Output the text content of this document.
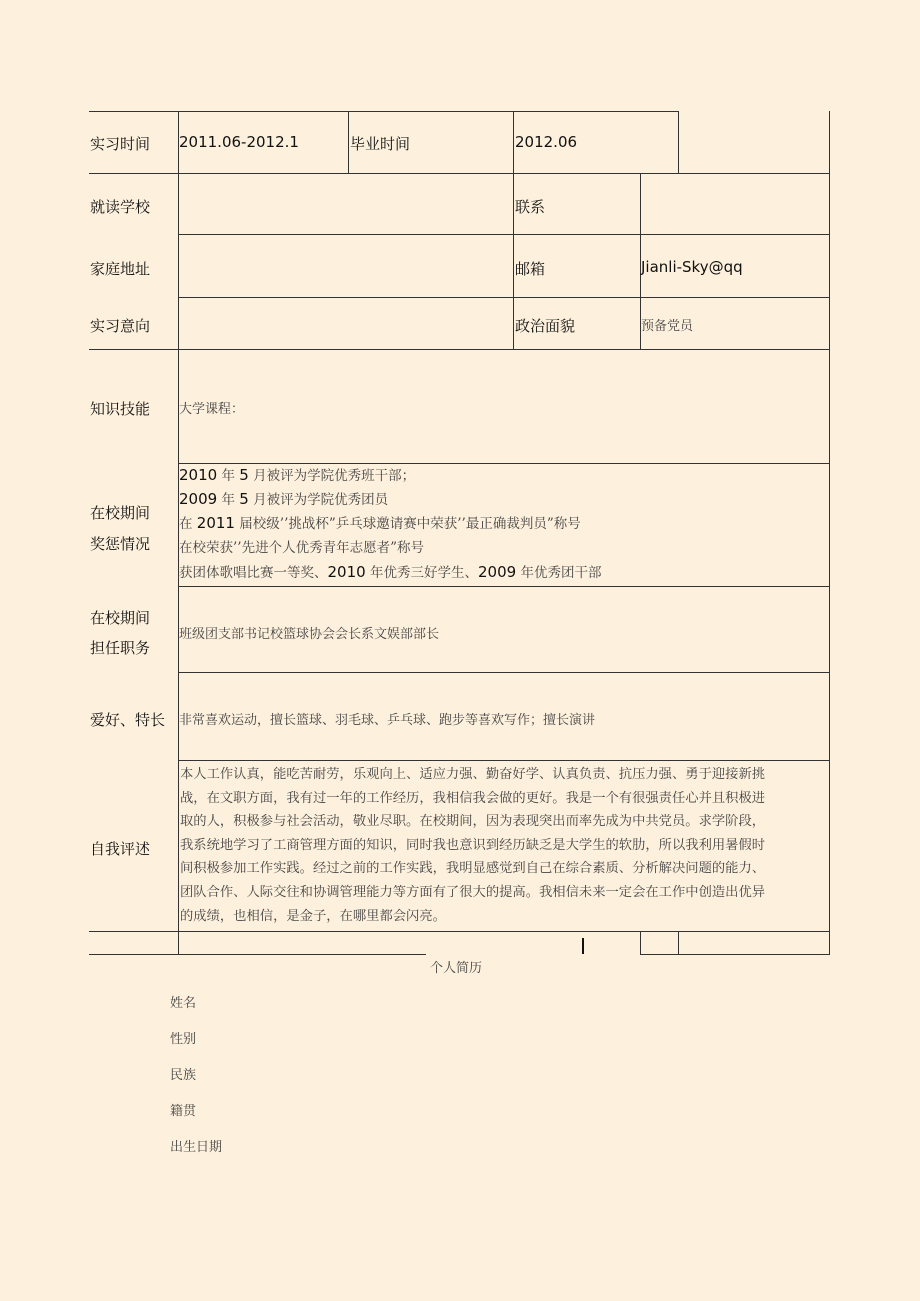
实习时间 2011.06-2012.1	毕业时间	2012.06
就读学校	联系
家庭地址	邮箱	Jianli-Sky@qq
实习意向	政治面貌	预备党员
知识技能 大学课程：
在校期间
奖惩情况
2010 年 5 月被评为学院优秀班干部；
2009 年 5 月被评为学院优秀团员
在 2011 届校级’’挑战杯”乒乓球邀请赛中荣获’’最正确裁判员”称号
在校荣获’’先进个人优秀青年志愿者”称号
获团体歌唱比赛一等奖、2010 年优秀三好学生、2009 年优秀团干部
在校期间
担任职务
班级团支部书记校篮球协会会长系文娱部部长
爱好、特长 非常喜欢运动，擅长篮球、羽毛球、乒乓球、跑步等喜欢写作；擅长演讲
自我评述
本人工作认真，能吃苦耐劳，乐观向上、适应力强、勤奋好学、认真负责、抗压力强、勇于迎接新挑
战，在文职方面，我有过一年的工作经历，我相信我会做的更好。我是一个有很强责任心并且积极进
取的人，积极参与社会活动，敬业尽职。在校期间，因为表现突出而率先成为中共党员。求学阶段，
我系统地学习了工商管理方面的知识，同时我也意识到经历缺乏是大学生的软肋，所以我利用暑假时
间积极参加工作实践。经过之前的工作实践，我明显感觉到自己在综合素质、分析解决问题的能力、
团队合作、人际交往和协调管理能力等方面有了很大的提高。我相信未来一定会在工作中创造出优异
的成绩，也相信，是金子，在哪里都会闪亮。
个人简历
姓名
性别
民族
籍贯
出生日期
